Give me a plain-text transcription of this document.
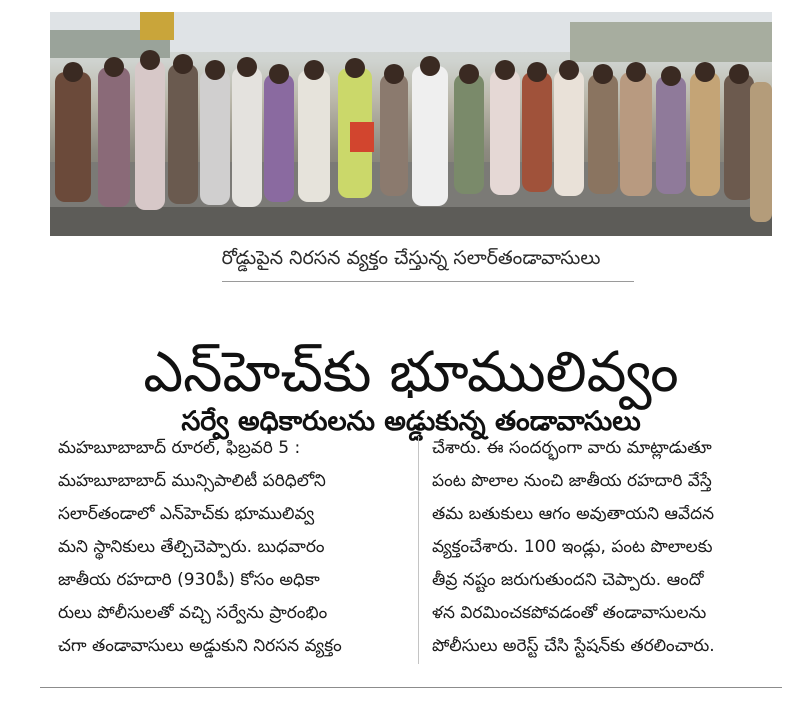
రోడ్డుపైన నిరసన వ్యక్తం చేస్తున్న సలార్‌తండావాసులు
ఎన్‌హెచ్‌కు భూములివ్వం
సర్వే అధికారులను అడ్డుకున్న తండావాసులు
మహబూబాబాద్ రూరల్, ఫిబ్రవరి 5 :
మహబూబాబాద్ మున్సిపాలిటీ పరిధిలోని
సలార్‌తండాలో ఎన్‌హెచ్‌కు భూములివ్వ
మని స్థానికులు తేల్చిచెప్పారు. బుధవారం
జాతీయ రహదారి (930పీ) కోసం అధికా
రులు పోలీసులతో వచ్చి సర్వేను ప్రారంభిం
చగా తండావాసులు అడ్డుకుని నిరసన వ్యక్తం
చేశారు. ఈ సందర్భంగా వారు మాట్లాడుతూ
పంట పొలాల నుంచి జాతీయ రహదారి వేస్తే
తమ బతుకులు ఆగం అవుతాయని ఆవేదన
వ్యక్తంచేశారు. 100 ఇండ్లు, పంట పొలాలకు
తీవ్ర నష్టం జరుగుతుందని చెప్పారు. ఆందో
ళన విరమించకపోవడంతో తండావాసులను
పోలీసులు అరెస్ట్ చేసి స్టేషన్‌కు తరలించారు.
